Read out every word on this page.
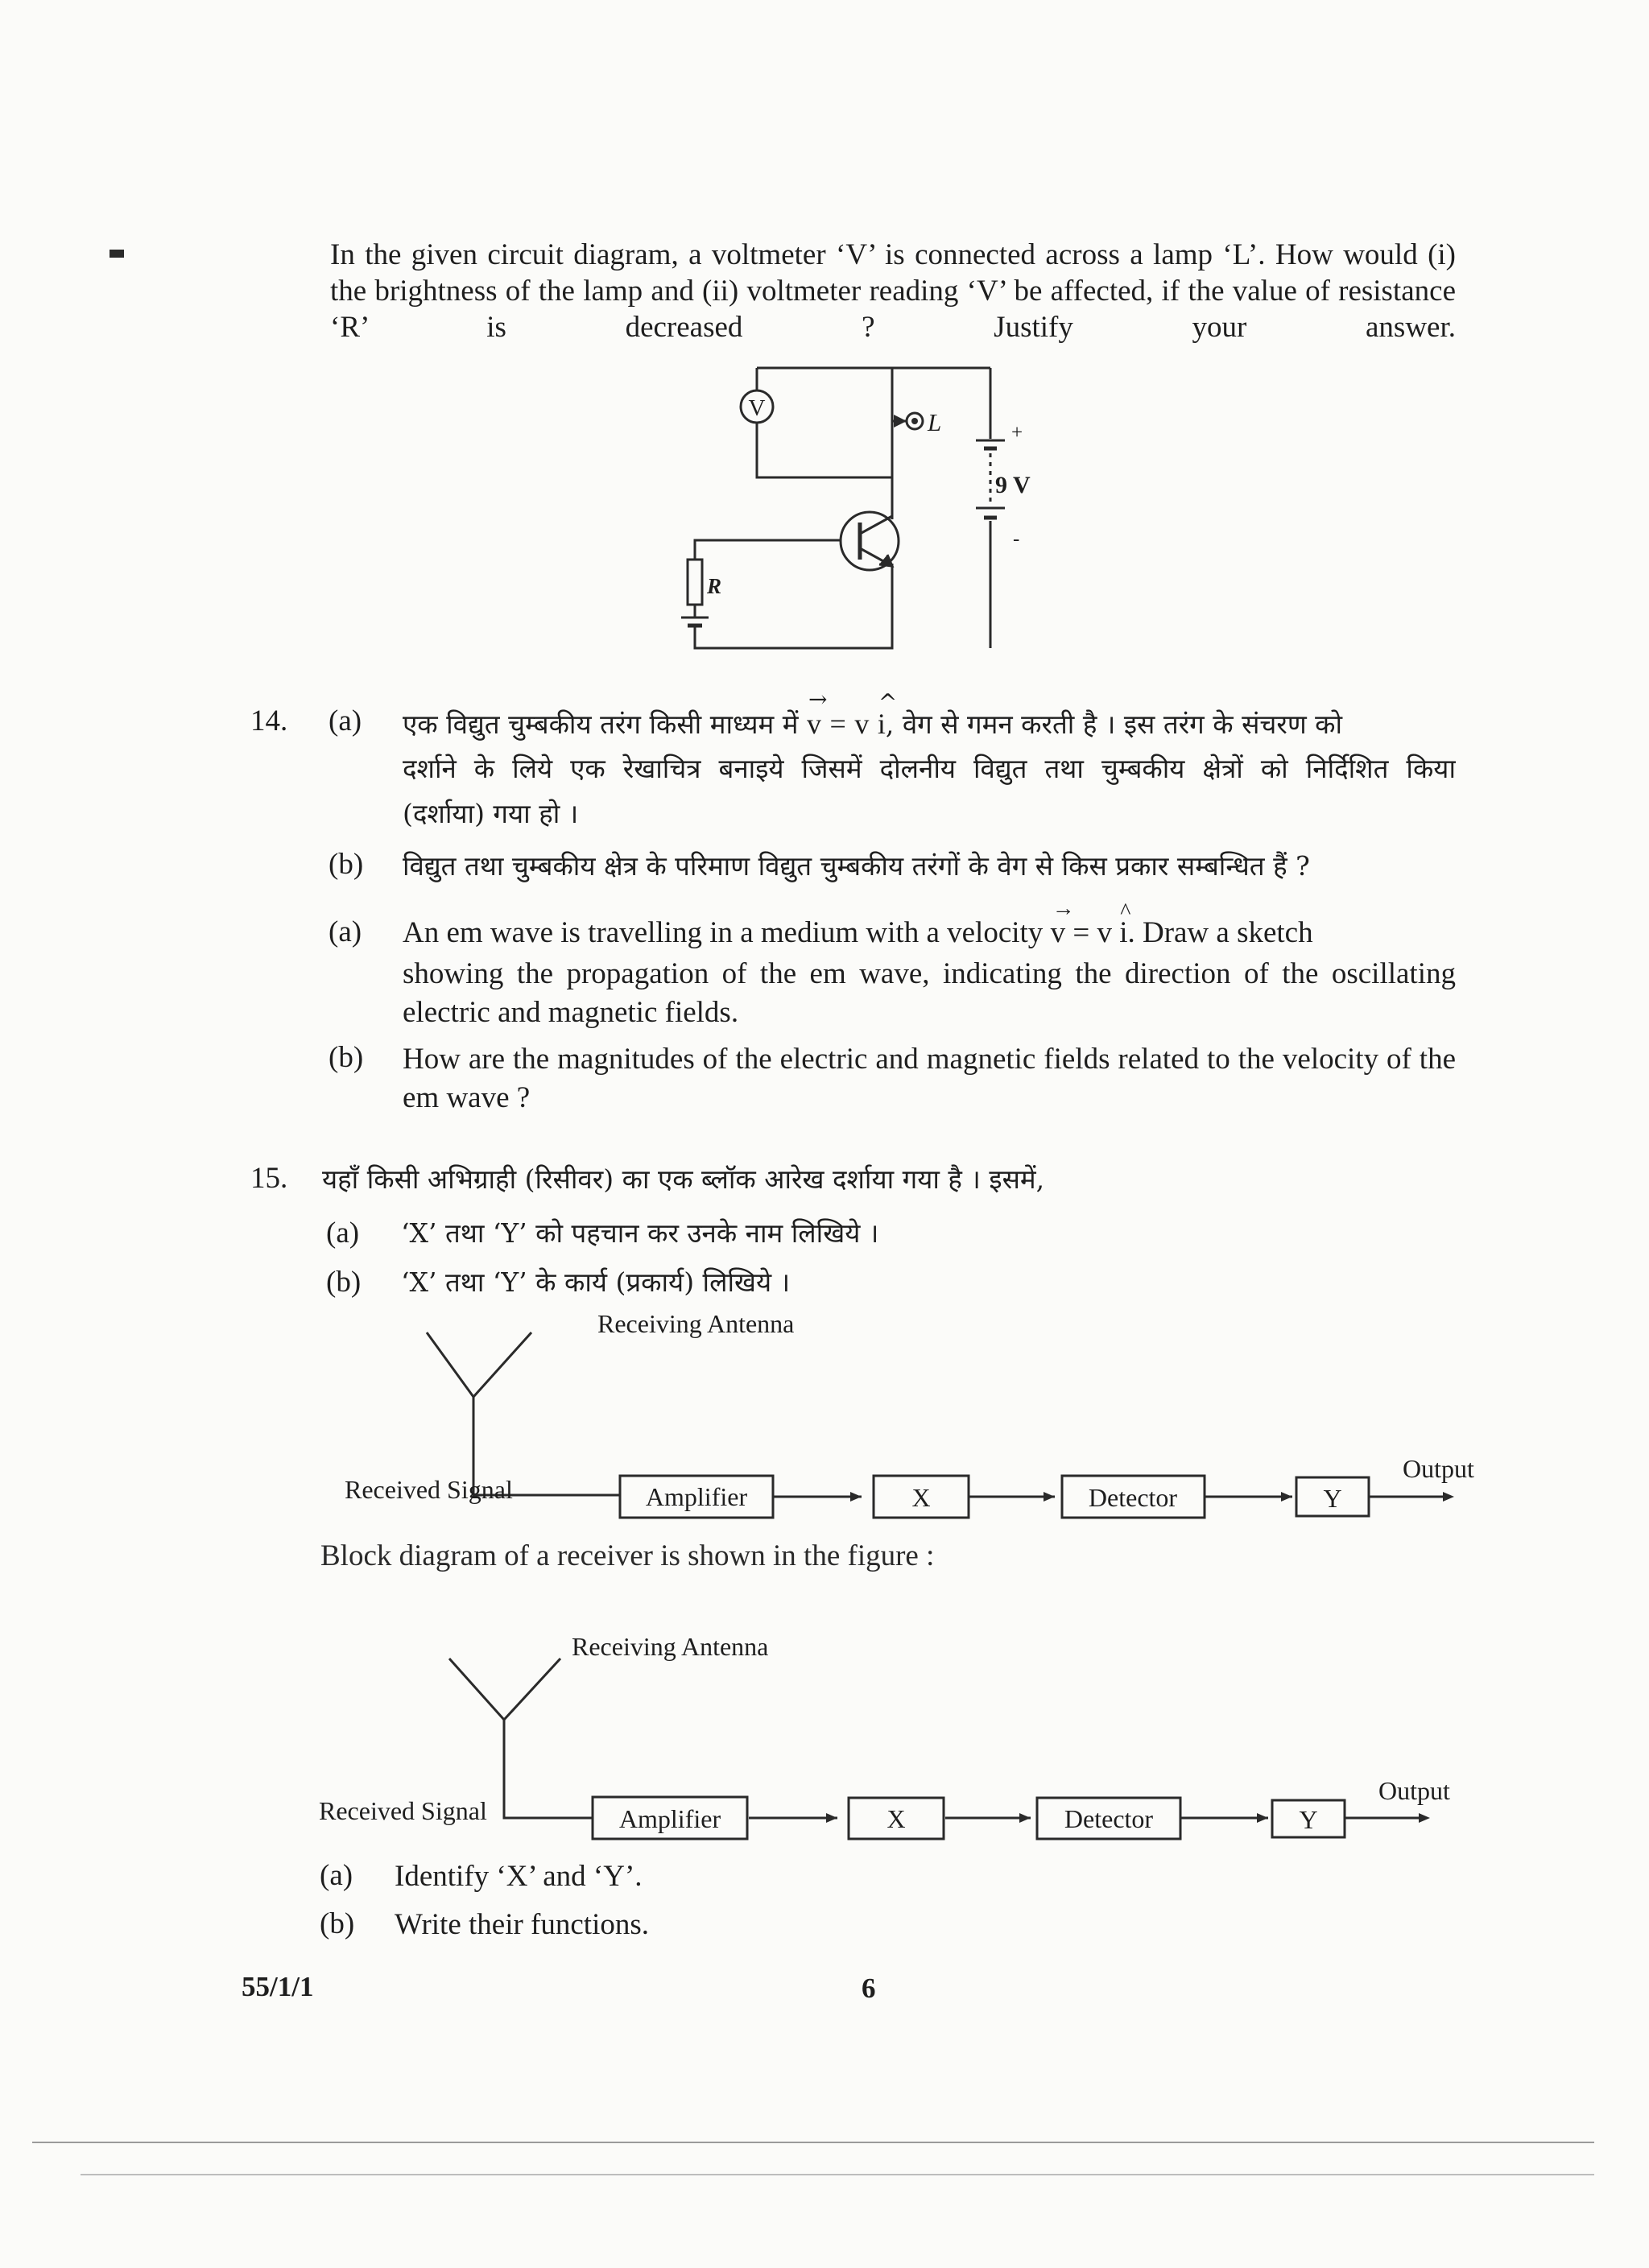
In the given circuit diagram, a voltmeter ‘V’ is connected across a lamp ‘L’. How would (i) the brightness of the lamp and (ii) voltmeter reading ‘V’ be affected, if the value of resistance ‘R’ is decreased ? Justify your answer.
V	L	+
9 V
-
R
14. (a) एक विद्युत चुम्बकीय तरंग किसी माध्यम में
→
v = v
^
i, वेग से गमन करती है । इस तरंग के संचरण को
दर्शाने के लिये एक रेखाचित्र बनाइये जिसमें दोलनीय विद्युत तथा चुम्बकीय क्षेत्रों को निर्दिशित किया
(दर्शाया) गया हो ।
(b) विद्युत तथा चुम्बकीय क्षेत्र के परिमाण विद्युत चुम्बकीय तरंगों के वेग से किस प्रकार सम्बन्धित हैं ?
(a) An em wave is travelling in a medium with a velocity
→
v = v
^
i. Draw a sketch
showing the propagation of the em wave, indicating the direction of the oscillating electric and magnetic fields.
(b) How are the magnitudes of the electric and magnetic fields related to the velocity of the em wave ?
15. यहाँ किसी अभिग्राही (रिसीवर) का एक ब्लॉक आरेख दर्शाया गया है । इसमें,
(a) ‘X’ तथा ‘Y’ को पहचान कर उनके नाम लिखिये ।
(b) ‘X’ तथा ‘Y’ के कार्य (प्रकार्य) लिखिये ।
Receiving Antenna
Received Signal	Amplifier	X	Detector	Y
Output
Block diagram of a receiver is shown in the figure :
Receiving Antenna
Received Signal	Amplifier	X	Detector	Y
Output
(a) Identify ‘X’ and ‘Y’.
(b) Write their functions.
55/1/1	6
